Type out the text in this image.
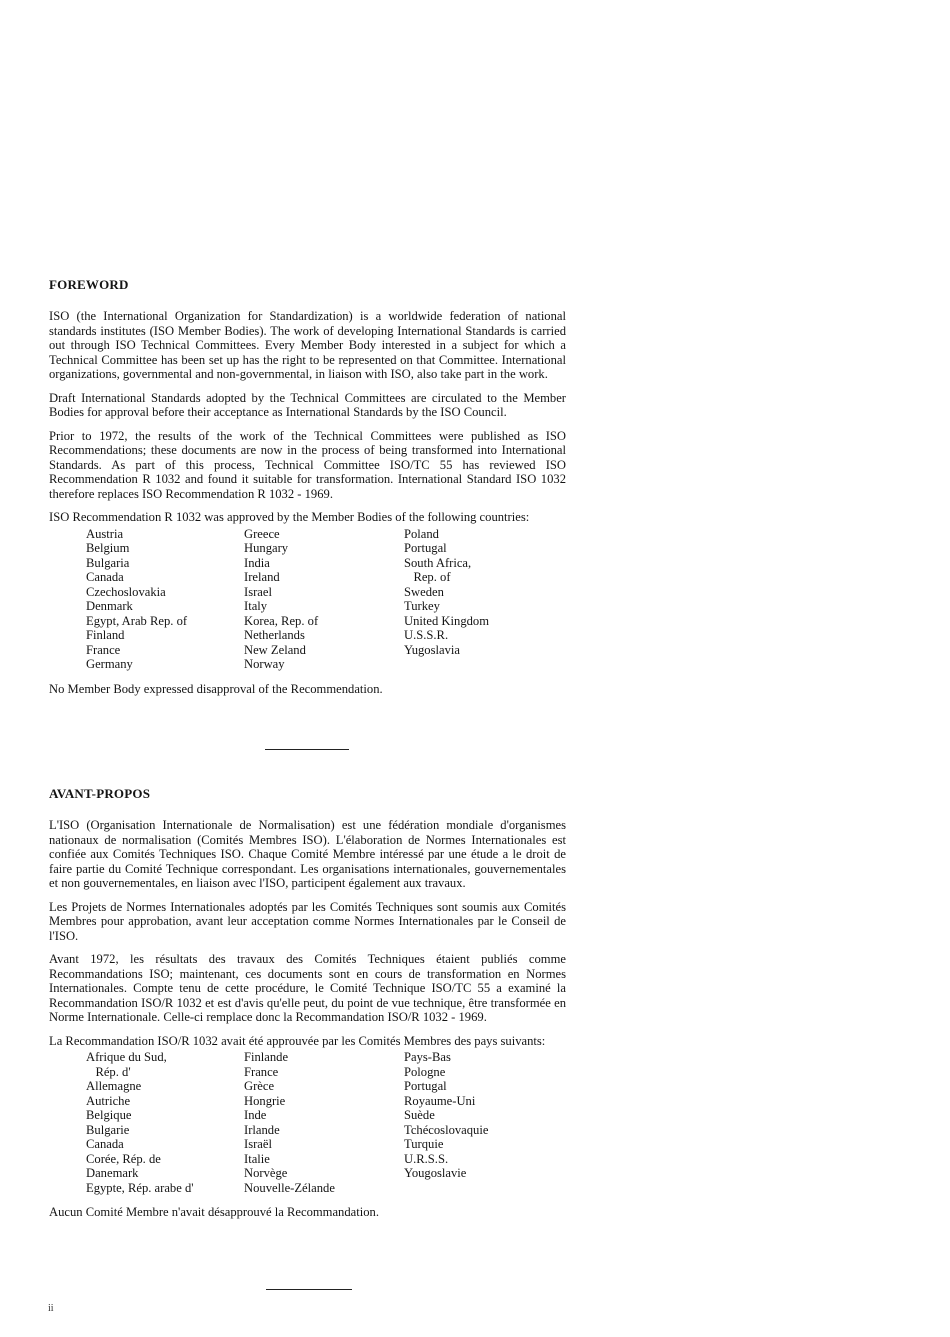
FOREWORD

ISO (the International Organization for Standardization) is a worldwide federation of national standards institutes (ISO Member Bodies). The work of developing International Standards is carried out through ISO Technical Committees. Every Member Body interested in a subject for which a Technical Committee has been set up has the right to be represented on that Committee. International organizations, governmental and non-governmental, in liaison with ISO, also take part in the work.

Draft International Standards adopted by the Technical Committees are circulated to the Member Bodies for approval before their acceptance as International Standards by the ISO Council.

Prior to 1972, the results of the work of the Technical Committees were published as ISO Recommendations; these documents are now in the process of being transformed into International Standards. As part of this process, Technical Committee ISO/TC 55 has reviewed ISO Recommendation R 1032 and found it suitable for transformation. International Standard ISO 1032 therefore replaces ISO Recommendation R 1032 - 1969.

ISO Recommendation R 1032 was approved by the Member Bodies of the following countries:

Austria
Belgium
Bulgaria
Canada
Czechoslovakia
Denmark
Egypt, Arab Rep. of
Finland
France
Germany
Greece
Hungary
India
Ireland
Israel
Italy
Korea, Rep. of
Netherlands
New Zeland
Norway
Poland
Portugal
South Africa,
Rep. of
Sweden
Turkey
United Kingdom
U.S.S.R.
Yugoslavia

No Member Body expressed disapproval of the Recommendation.

AVANT-PROPOS

L'ISO (Organisation Internationale de Normalisation) est une fédération mondiale d'organismes nationaux de normalisation (Comités Membres ISO). L'élaboration de Normes Internationales est confiée aux Comités Techniques ISO. Chaque Comité Membre intéressé par une étude a le droit de faire partie du Comité Technique correspondant. Les organisations internationales, gouvernementales et non gouvernementales, en liaison avec l'ISO, participent également aux travaux.

Les Projets de Normes Internationales adoptés par les Comités Techniques sont soumis aux Comités Membres pour approbation, avant leur acceptation comme Normes Internationales par le Conseil de l'ISO.

Avant 1972, les résultats des travaux des Comités Techniques étaient publiés comme Recommandations ISO; maintenant, ces documents sont en cours de transformation en Normes Internationales. Compte tenu de cette procédure, le Comité Technique ISO/TC 55 a examiné la Recommandation ISO/R 1032 et est d'avis qu'elle peut, du point de vue technique, être transformée en Norme Internationale. Celle-ci remplace donc la Recommandation ISO/R 1032 - 1969.

La Recommandation ISO/R 1032 avait été approuvée par les Comités Membres des pays suivants:

Afrique du Sud,
Rép. d'
Allemagne
Autriche
Belgique
Bulgarie
Canada
Corée, Rép. de
Danemark
Egypte, Rép. arabe d'
Finlande
France
Grèce
Hongrie
Inde
Irlande
Israël
Italie
Norvège
Nouvelle-Zélande
Pays-Bas
Pologne
Portugal
Royaume-Uni
Suède
Tchécoslovaquie
Turquie
U.R.S.S.
Yougoslavie

Aucun Comité Membre n'avait désapprouvé la Recommandation.

ii
